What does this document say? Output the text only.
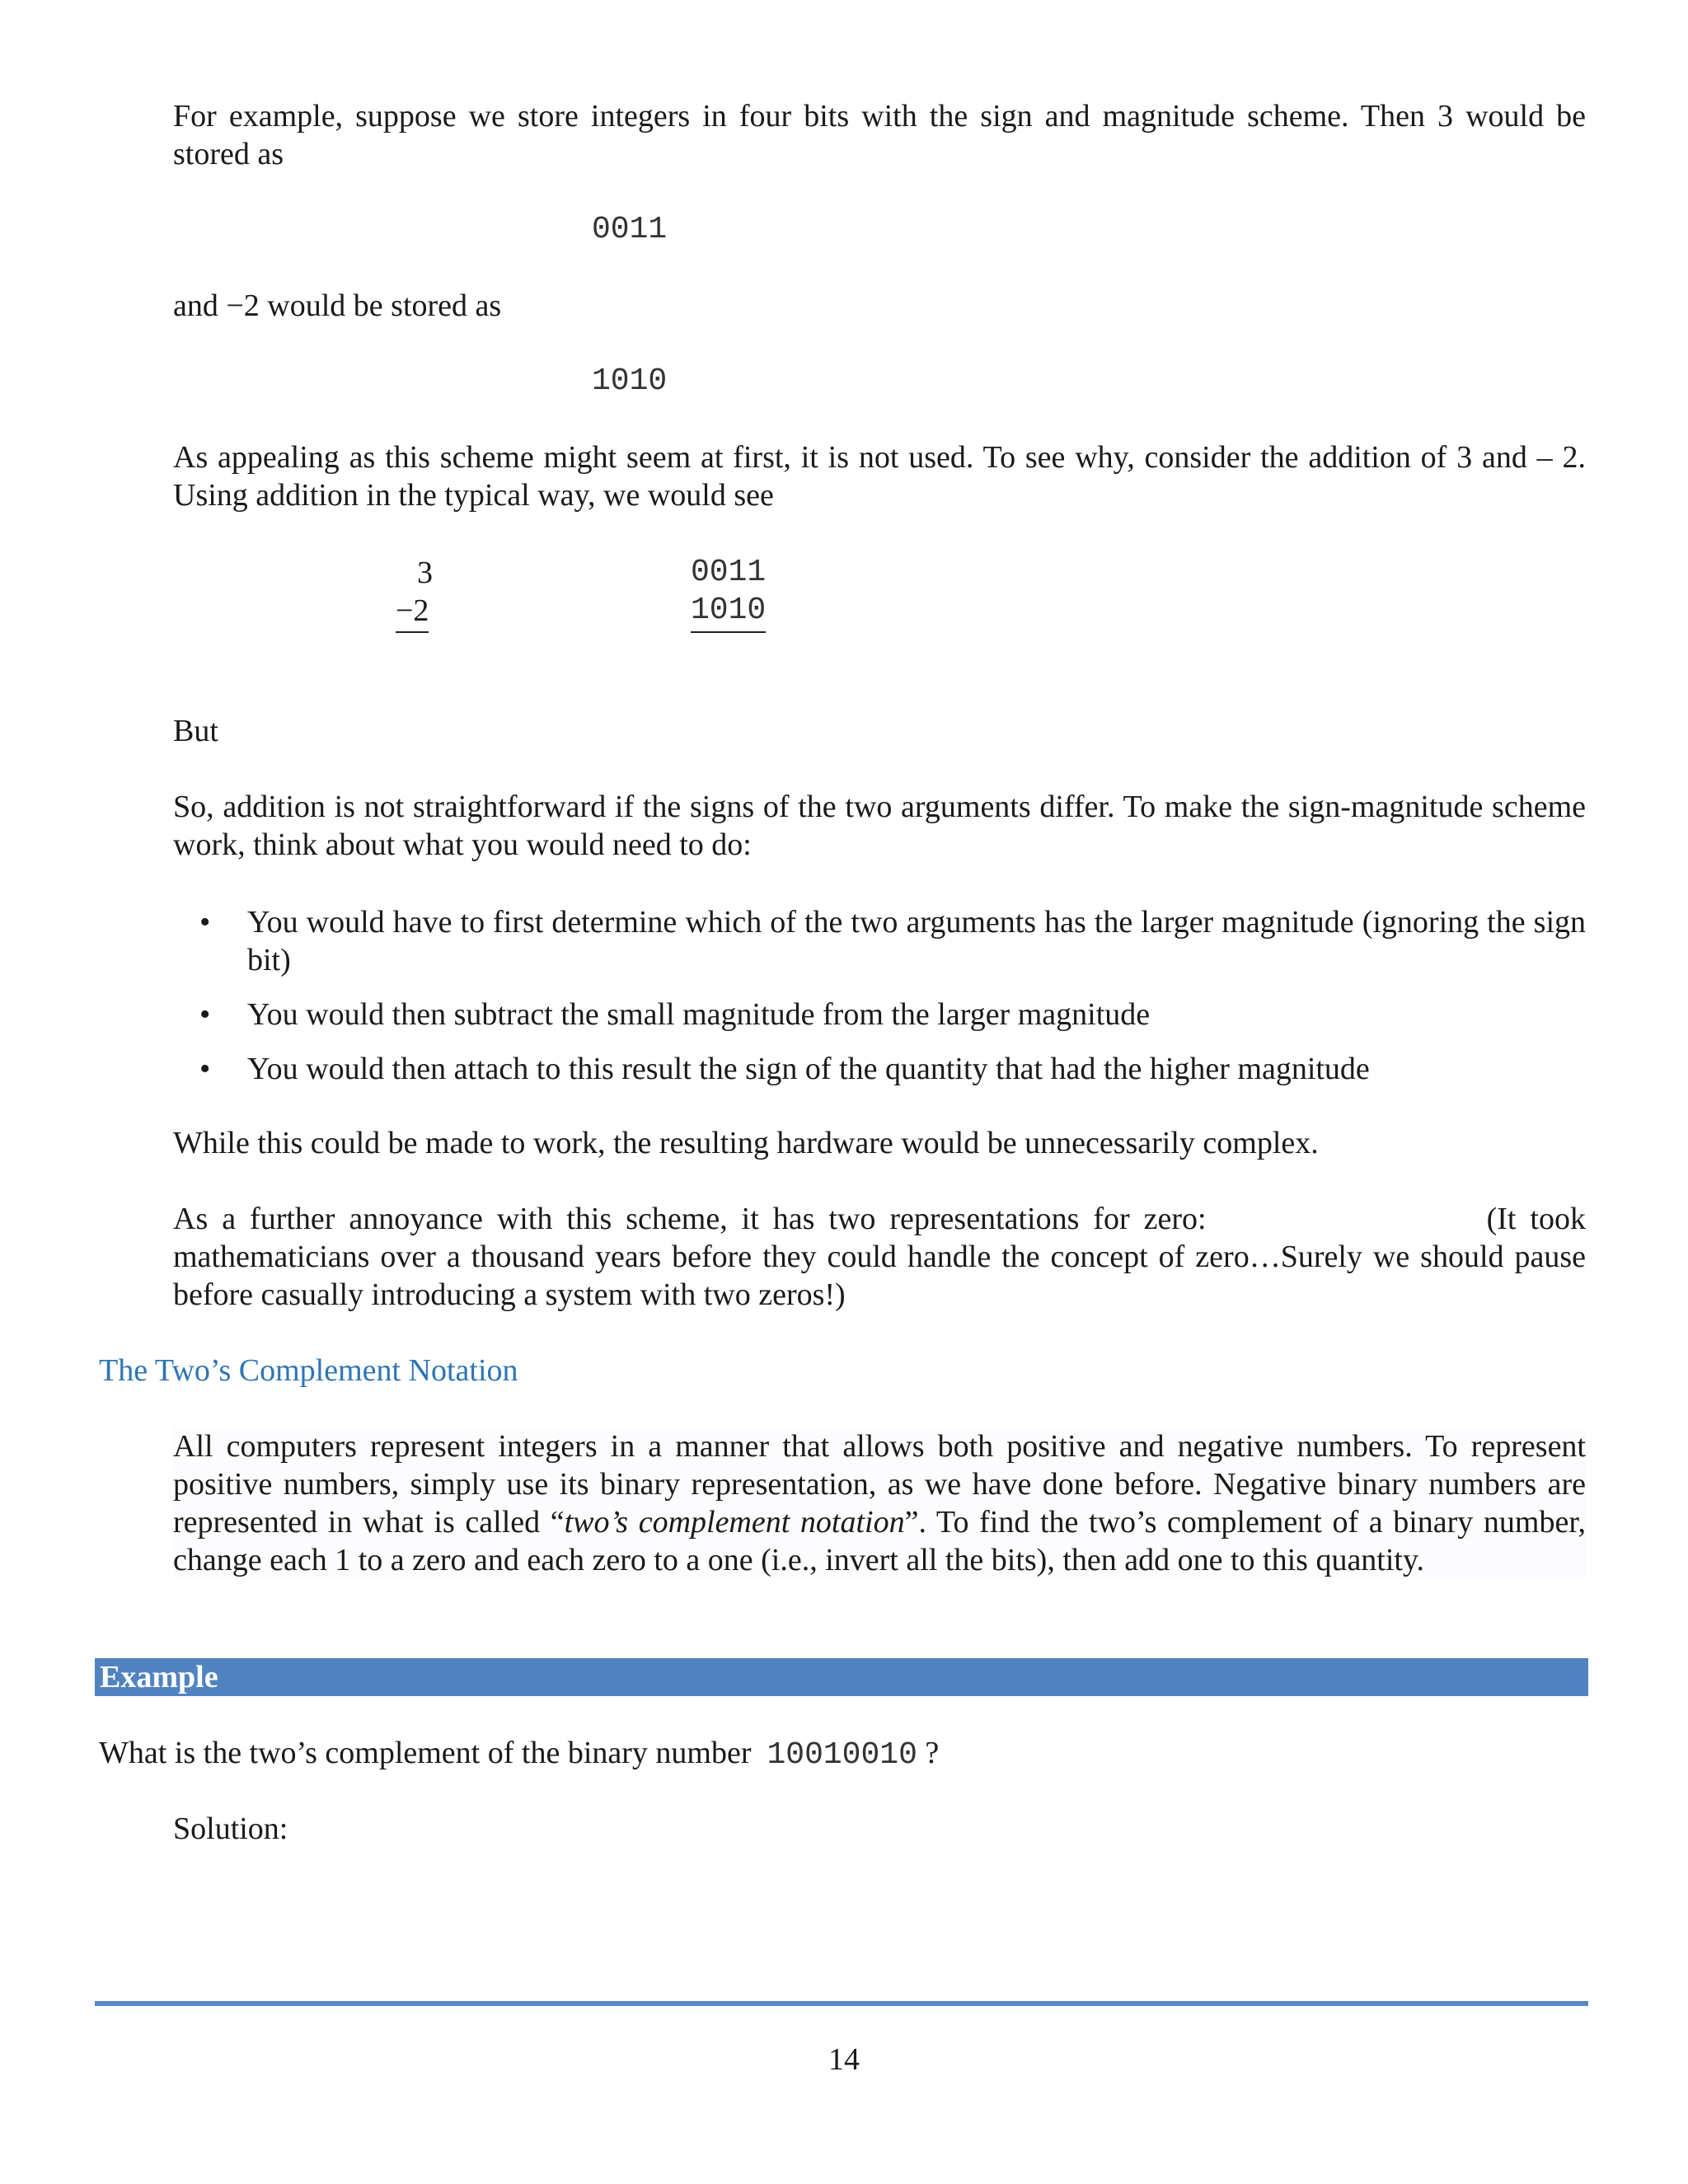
For example, suppose we store integers in four bits with the sign and magnitude scheme. Then 3 would be stored as

0011

and −2 would be stored as

1010

As appealing as this scheme might seem at first, it is not used. To see why, consider the addition of 3 and – 2. Using addition in the typical way, we would see

3
−2
0011
1010

But

So, addition is not straightforward if the signs of the two arguments differ. To make the sign-magnitude scheme work, think about what you would need to do:

• You would have to first determine which of the two arguments has the larger magnitude (ignoring the sign bit)
• You would then subtract the small magnitude from the larger magnitude
• You would then attach to this result the sign of the quantity that had the higher magnitude

While this could be made to work, the resulting hardware would be unnecessarily complex.

As a further annoyance with this scheme, it has two representations for zero:	(It took mathematicians over a thousand years before they could handle the concept of zero…Surely we should pause before casually introducing a system with two zeros!)

The Two’s Complement Notation

All computers represent integers in a manner that allows both positive and negative numbers. To represent positive numbers, simply use its binary representation, as we have done before. Negative binary numbers are represented in what is called “two’s complement notation”. To find the two’s complement of a binary number, change each 1 to a zero and each zero to a one (i.e., invert all the bits), then add one to this quantity.

Example

What is the two’s complement of the binary number 10010010 ?

Solution:

14
